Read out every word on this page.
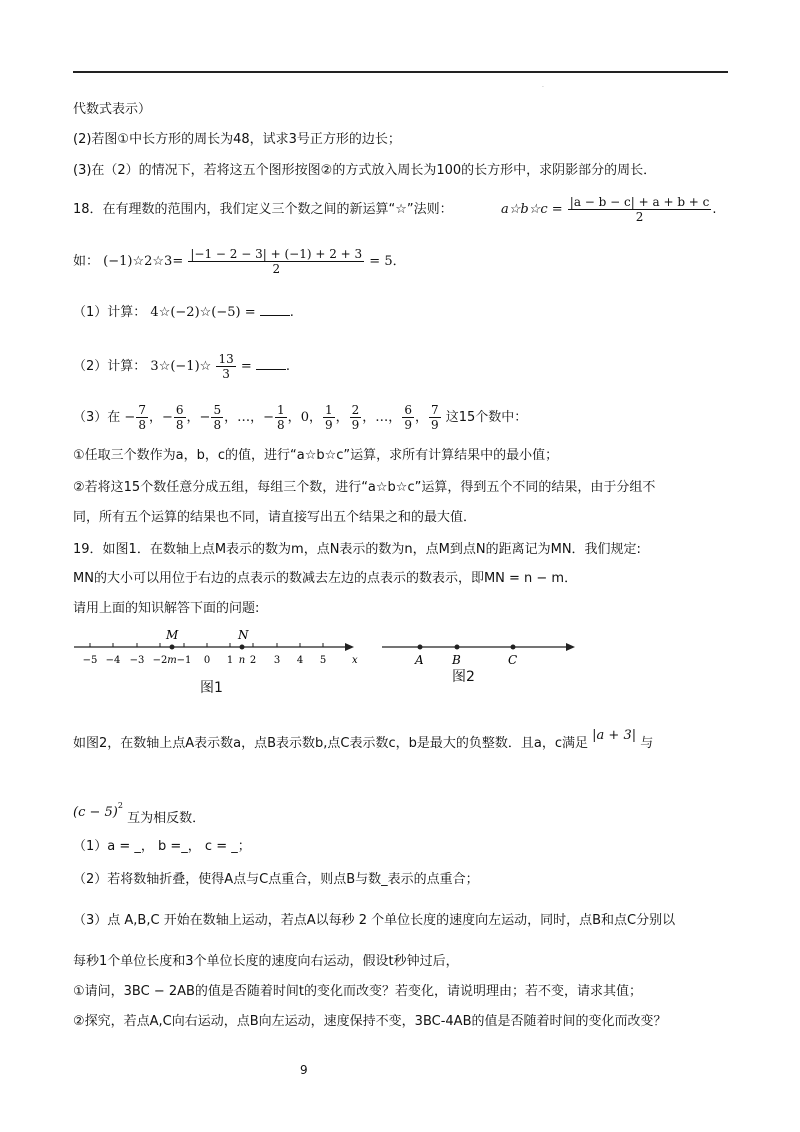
·
代数式表示）
(2)若图①中长方形的周长为48，试求3号正方形的边长；
(3)在（2）的情况下，若将这五个图形按图②的方式放入周长为100的长方形中，求阴影部分的周长．
18．在有理数的范围内，我们定义三个数之间的新运算“☆”法则：	a☆b☆c = $\frac{|a - b - c| + a + b + c}{2}$ .
如： (−1)☆2☆3= $\frac{|-1 - 2 - 3| + (-1) + 2 + 3}{2} = 5$．
（1）计算： 4☆(−2)☆(−5) =	.
（2）计算： 3☆(−1)☆ $\frac{13}{3}$ =	.
（3）在 − $\frac{7}{8}$ ，− $\frac{6}{8}$ ，− $\frac{5}{8}$ ，…，− $\frac{1}{8}$ ，0， $\frac{1}{9}$ ， $\frac{2}{9}$ ，…， $\frac{6}{9}$ ， $\frac{7}{9}$ 这15个数中：
①任取三个数作为a，b，c的值，进行“a☆b☆c”运算，求所有计算结果中的最小值；
②若将这15个数任意分成五组，每组三个数，进行“a☆b☆c”运算，得到五个不同的结果，由于分组不
同，所有五个运算的结果也不同，请直接写出五个结果之和的最大值．
19．如图1．在数轴上点M表示的数为m，点N表示的数为n，点M到点N的距离记为MN．我们规定:
MN的大小可以用位于右边的点表示的数减去左边的点表示的数表示，即MN = n − m．
请用上面的知识解答下面的问题:
−5 −4 −3 −2 m −1 0 1 n 2 3 4 5
M	N
x
图1
A B	C
图2
如图2，在数轴上点A表示数a，点B表示数b,点C表示数c，b是最大的负整数．且a，c满足 |a + 3| 与
$(c - 5)^2$ 互为相反数．
（1）a = _， b =_， c = _；
（2）若将数轴折叠，使得A点与C点重合，则点B与数_表示的点重合；
（3）点 A,B,C 开始在数轴上运动，若点A以每秒 2 个单位长度的速度向左运动，同时，点B和点C分别以
每秒1个单位长度和3个单位长度的速度向右运动，假设t秒钟过后，
①请问，3BC − 2AB的值是否随着时间t的变化而改变？若变化，请说明理由；若不变，请求其值；
②探究，若点A,C向右运动，点B向左运动，速度保持不变，3BC-4AB的值是否随着时间的变化而改变？
9
